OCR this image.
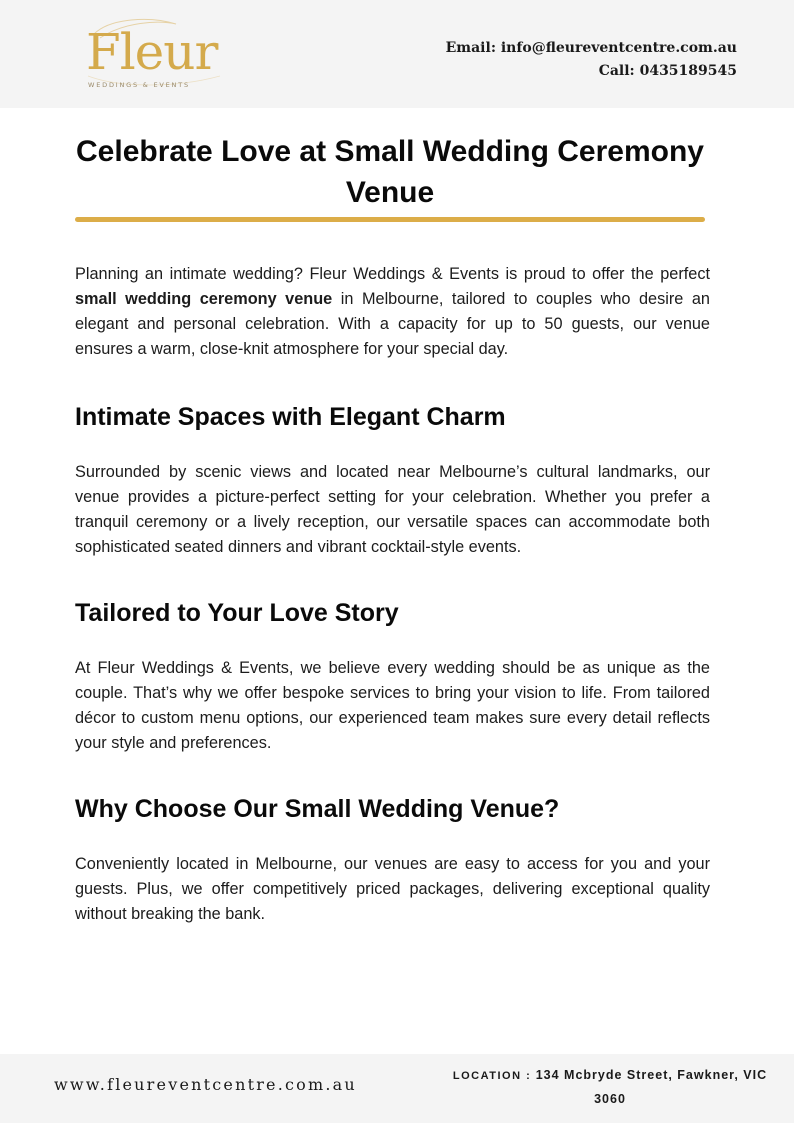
Fleur
WEDDINGS & EVENTS
Email: info@fleureventcentre.com.au
Call: 0435189545
Celebrate Love at Small Wedding Ceremony Venue

Planning an intimate wedding? Fleur Weddings & Events is proud to offer the perfect small wedding ceremony venue in Melbourne, tailored to couples who desire an elegant and personal celebration. With a capacity for up to 50 guests, our venue ensures a warm, close-knit atmosphere for your special day.

Intimate Spaces with Elegant Charm

Surrounded by scenic views and located near Melbourne’s cultural landmarks, our venue provides a picture-perfect setting for your celebration. Whether you prefer a tranquil ceremony or a lively reception, our versatile spaces can accommodate both sophisticated seated dinners and vibrant cocktail-style events.

Tailored to Your Love Story

At Fleur Weddings & Events, we believe every wedding should be as unique as the couple. That’s why we offer bespoke services to bring your vision to life. From tailored décor to custom menu options, our experienced team makes sure every detail reflects your style and preferences.

Why Choose Our Small Wedding Venue?

Conveniently located in Melbourne, our venues are easy to access for you and your guests. Plus, we offer competitively priced packages, delivering exceptional quality without breaking the bank.

www.fleureventcentre.com.au	LOCATION : 134 Mcbryde Street, Fawkner, VIC 3060
